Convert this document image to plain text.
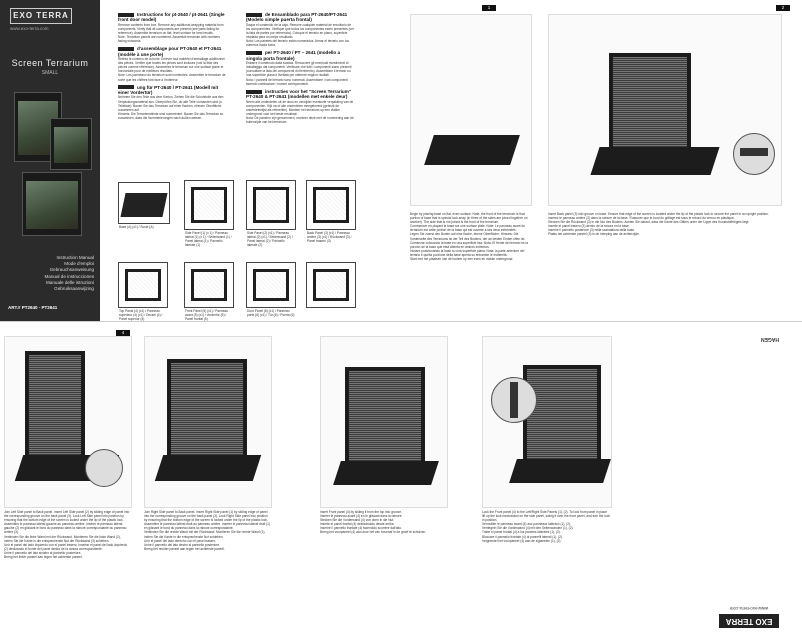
EXO TERRA
www.exo-terra.com
Screen Terrarium
SMALL
Instruction Manual
Mode d'emploi
Gebrauchsanweisung
Manual de instrucciones
Manuale delle istruzioni
Gebruiksaanwijzing
ART.# PT2640 · PT2641
Instructions for pt-2640 / pt-2641 (Single front door model)
Remove contents from box. Remove any additional wrapping material from components. Verify that all components are present (see parts listing for reference). Assemble terrarium on flat, level surface for best results.
Note: Terrarium panels are numbered. Assemble terrarium with numbers facing outwards.
d'assemblage pour PT-2640 et PT-2641 (modèle à une porte)
Retirez le contenu de la boîte. Enlever tout matériel d'emballage additionnel des pièces. Vérifier que toutes les pièces sont incluses (voir la liste des pièces comme référence). Assemblez le terrarium sur une surface plane et horizontale pour de meilleurs résultats.
Note: Les panneaux du terrarium sont numérotés. Assembler le terrarium de sorte que les chiffres font face à l'extérieur.
ung für PT-2640 / PT-2641 (Modell mit einer Vordertür)
Nehmen Sie den Teile aus dem Karton. Ziehen Sie die Schutzfolie aus den Verpackungsmaterial aus. Überprüfen Sie, ob alle Teile vorhanden sind (s. Teileliste). Bauen Sie das Terrarium auf einer flachen, ebenen Oberfläche zusammen auf.
Hinweis: Die Terrarienwände sind nummeriert. Bauen Sie das Terrarium so zusammen, dass die Nummerierungen nach außen weisen.
de Ensamblado para PT-2640/PT-2641 (Modelo simple puerta frontal)
Saque el contenido de la caja. Remove cualquier material de envoltorio de los componentes. Verifique que todos los componentes estén presentes (ver la lista de partes por referencia). Coloque el terrario en plano, superficie nivelada para un mejor resultado.
Nota: Los paneles del terrario están numerados. Armar el terrario con los números hacia fuera.
per PT-2640 / PT – 2641 (modello a singola porta frontale)
Estrarre il contenuto dalla scatola. Rimuovere gli eventuali rivestimenti di imballaggio dai componenti. Verificare che tutti i componenti siano presenti (consultare la lista dei componenti di riferimento). Assemblare il terrario su una superficie piana e livellata per ottenere migliori risultati.
Nota: I pannelli del terrario sono numerati. Assemblare i vari componenti facendo combaciare i numeri corrispondenti.
instructies voor het "Screen Terrarium" PT-2640 & PT-2641 (modellen met enkele deur)
Neem alle onderdelen uit de doos en verwijder eventuele verpakking van de componenten. Kijk na of alle onderdelen meegeleverd (gebruik de onderdelenlijst als referentie). Monteer het terrarium op een vlakke ondergrond voor het beste resultaat.
Nota: De panelen zijn genummerd, monteer deze met de nummering aan de buitenzijde van het terrarium.
Base (A) (x1) / Socle (A)
Side Panel (1) (x 1) / Panneau latéral (1) (x 1) / Seitenwand (1) / Panel lateral (1) / Pannello laterale (1)
Side Panel (2) (x1) / Panneau latéral (2) (x1) / Seitenwand (2) / Panel lateral (2) / Pannello laterale (2)
Back Panel (3) (x1) / Panneau arrière (3) (x1) / Rückwand (3) / Panel trasero (3)
Top Panel (4) (x1) / Panneau supérieur (4) (x1) / Deckel (4) / Panel superior (4)
Front Panel (5) (x1) / Panneau avant (5) (x1) / Vordertür (5) / Panel frontal (5)
Door Panel (6) (x1) / Panneau porte (6) (x1) / Tür (6) / Puerta (6)
1
Begin by placing base on flat, even surface. Note: the front of the terrarium is that portion of base that is special lock-snap (in three of the sides are joined together on another). The side that is not joined is the front of the terrarium.
Commencer en plaçant le base sur une surface plate. Note: Le panneau avant du terrarium est cette portion de la base qui est ouverte à ses deux extrémités.
Legen Sie zuerst den Boden auf eine flache, ebene Oberfläche. Hinweis: Die Vorderseite des Terrariums ist der Teil des Bodens, der an beiden Enden offen ist.
Comenzar colocando la base en una superficie lisa. Nota: El frente del terrario es la porción de la base que está abierta en ambos extremos.
Iniziare posizionando la base su una superficie piana. Nota: la parte anteriore del terrario è quella porzione della base aperta su entrambe le estremità.
Start met het plaatsen van de bodem op een even en vlakke ondergrond.
2
Insert Back panel (3) into groove on base. Ensure that edge of the screen is located under the lip of the plastic lock to secure the panel in an upright position.
Insérez le panneau arrière (3) dans la rainure de la base. S'assurer que le bord du grillage est sous le rebord du verrou en plastique.
Stecken Sie die Rückwand (3) in die Nut des Bodens. Achten Sie darauf, dass die Kante des Gitters unter der Lippe des Kunststoffriegels liegt.
Inserte el panel trasero (3) dentro de la ranura en la base.
Inserire il pannello posteriore (3) nella scanalatura della base.
Plaats het achterste paneel (3) in de inkeping aan de achterzijde.
4
Join Left Side panel to Back panel. Insert Left Side panel (2) by sliding edge of panel into the corresponding groove on the back panel (3). Lock Left Side panel into position by ensuring that the bottom edge of the screen is locked under the lip of the plastic lock.
Assembler le panneau latéral gauche au panneau arrière. Insérer le panneau latéral gauche (2) en glissant le bord du panneau dans la rainure correspondante du panneau arrière (3).
Verbinden Sie die linke Wand mit der Rückwand. Montieren Sie die linke Wand (2), indem Sie die Kante in die entsprechende Nut der Rückwand (3) schieben.
Unir el panel del lado izquierdo con el panel trasero. Insertar el panel del lado izquierdo (2) deslizando el borde del panel dentro de la ranura correspondiente.
Unire il pannello del lato sinistro al pannello posteriore.
Breng het linker paneel aan tegen het achterste paneel.
Join Right Side panel to Back panel. Insert Right Side panel (1) by sliding edge of panel into the corresponding groove on the back panel (3). Lock Right Side panel into position by ensuring that the bottom edge of the screen is locked under the lip of the plastic lock.
Assembler le panneau latéral droit au panneau arrière. Insérer le panneau latéral droit (1) en glissant le bord du panneau dans la rainure correspondante.
Verbinden Sie die rechte Wand mit der Rückwand. Montieren Sie die rechte Wand (1), indem Sie die Kante in die entsprechende Nut schieben.
Unir el panel del lado derecho con el panel trasero.
Unire il pannello del lato destro al pannello posteriore.
Breng het rechter paneel aan tegen het achterste paneel.
Insert Front panel (4) by sliding it from the top into groove.
Insérer le panneau avant (4) en le glissant dans la rainure.
Stecken Sie die Vorderwand (4) von oben in die Nut.
Inserte el panel frontal (4) deslizándolo desde arriba.
Inserire il pannello frontale (4) facendolo scorrere dall'alto.
Breng het voorpaneel (4) aan door het van bovenaf in de groef te schuiven.
Lock the Front panel (4) to the Left/Right Side Panels (1), (2). To lock front panel in place lift up the lock mechanism on the side panel, swing it over the front panel, and turn the lock in position.
Verrouiller le panneau avant (4) aux panneaux latéraux (1), (2).
Verriegeln Sie die Vorderwand (4) mit den Seitenwänden (1), (2).
Trabe el panel frontal (4) a los paneles laterales (1), (2).
Bloccare il pannello frontale (4) ai pannelli laterali (1), (2).
Vergrendel het voorpaneel (4) aan de zijpanelen (1), (2).
EXO TERRA
www.exo-terra.com
HAGEN
